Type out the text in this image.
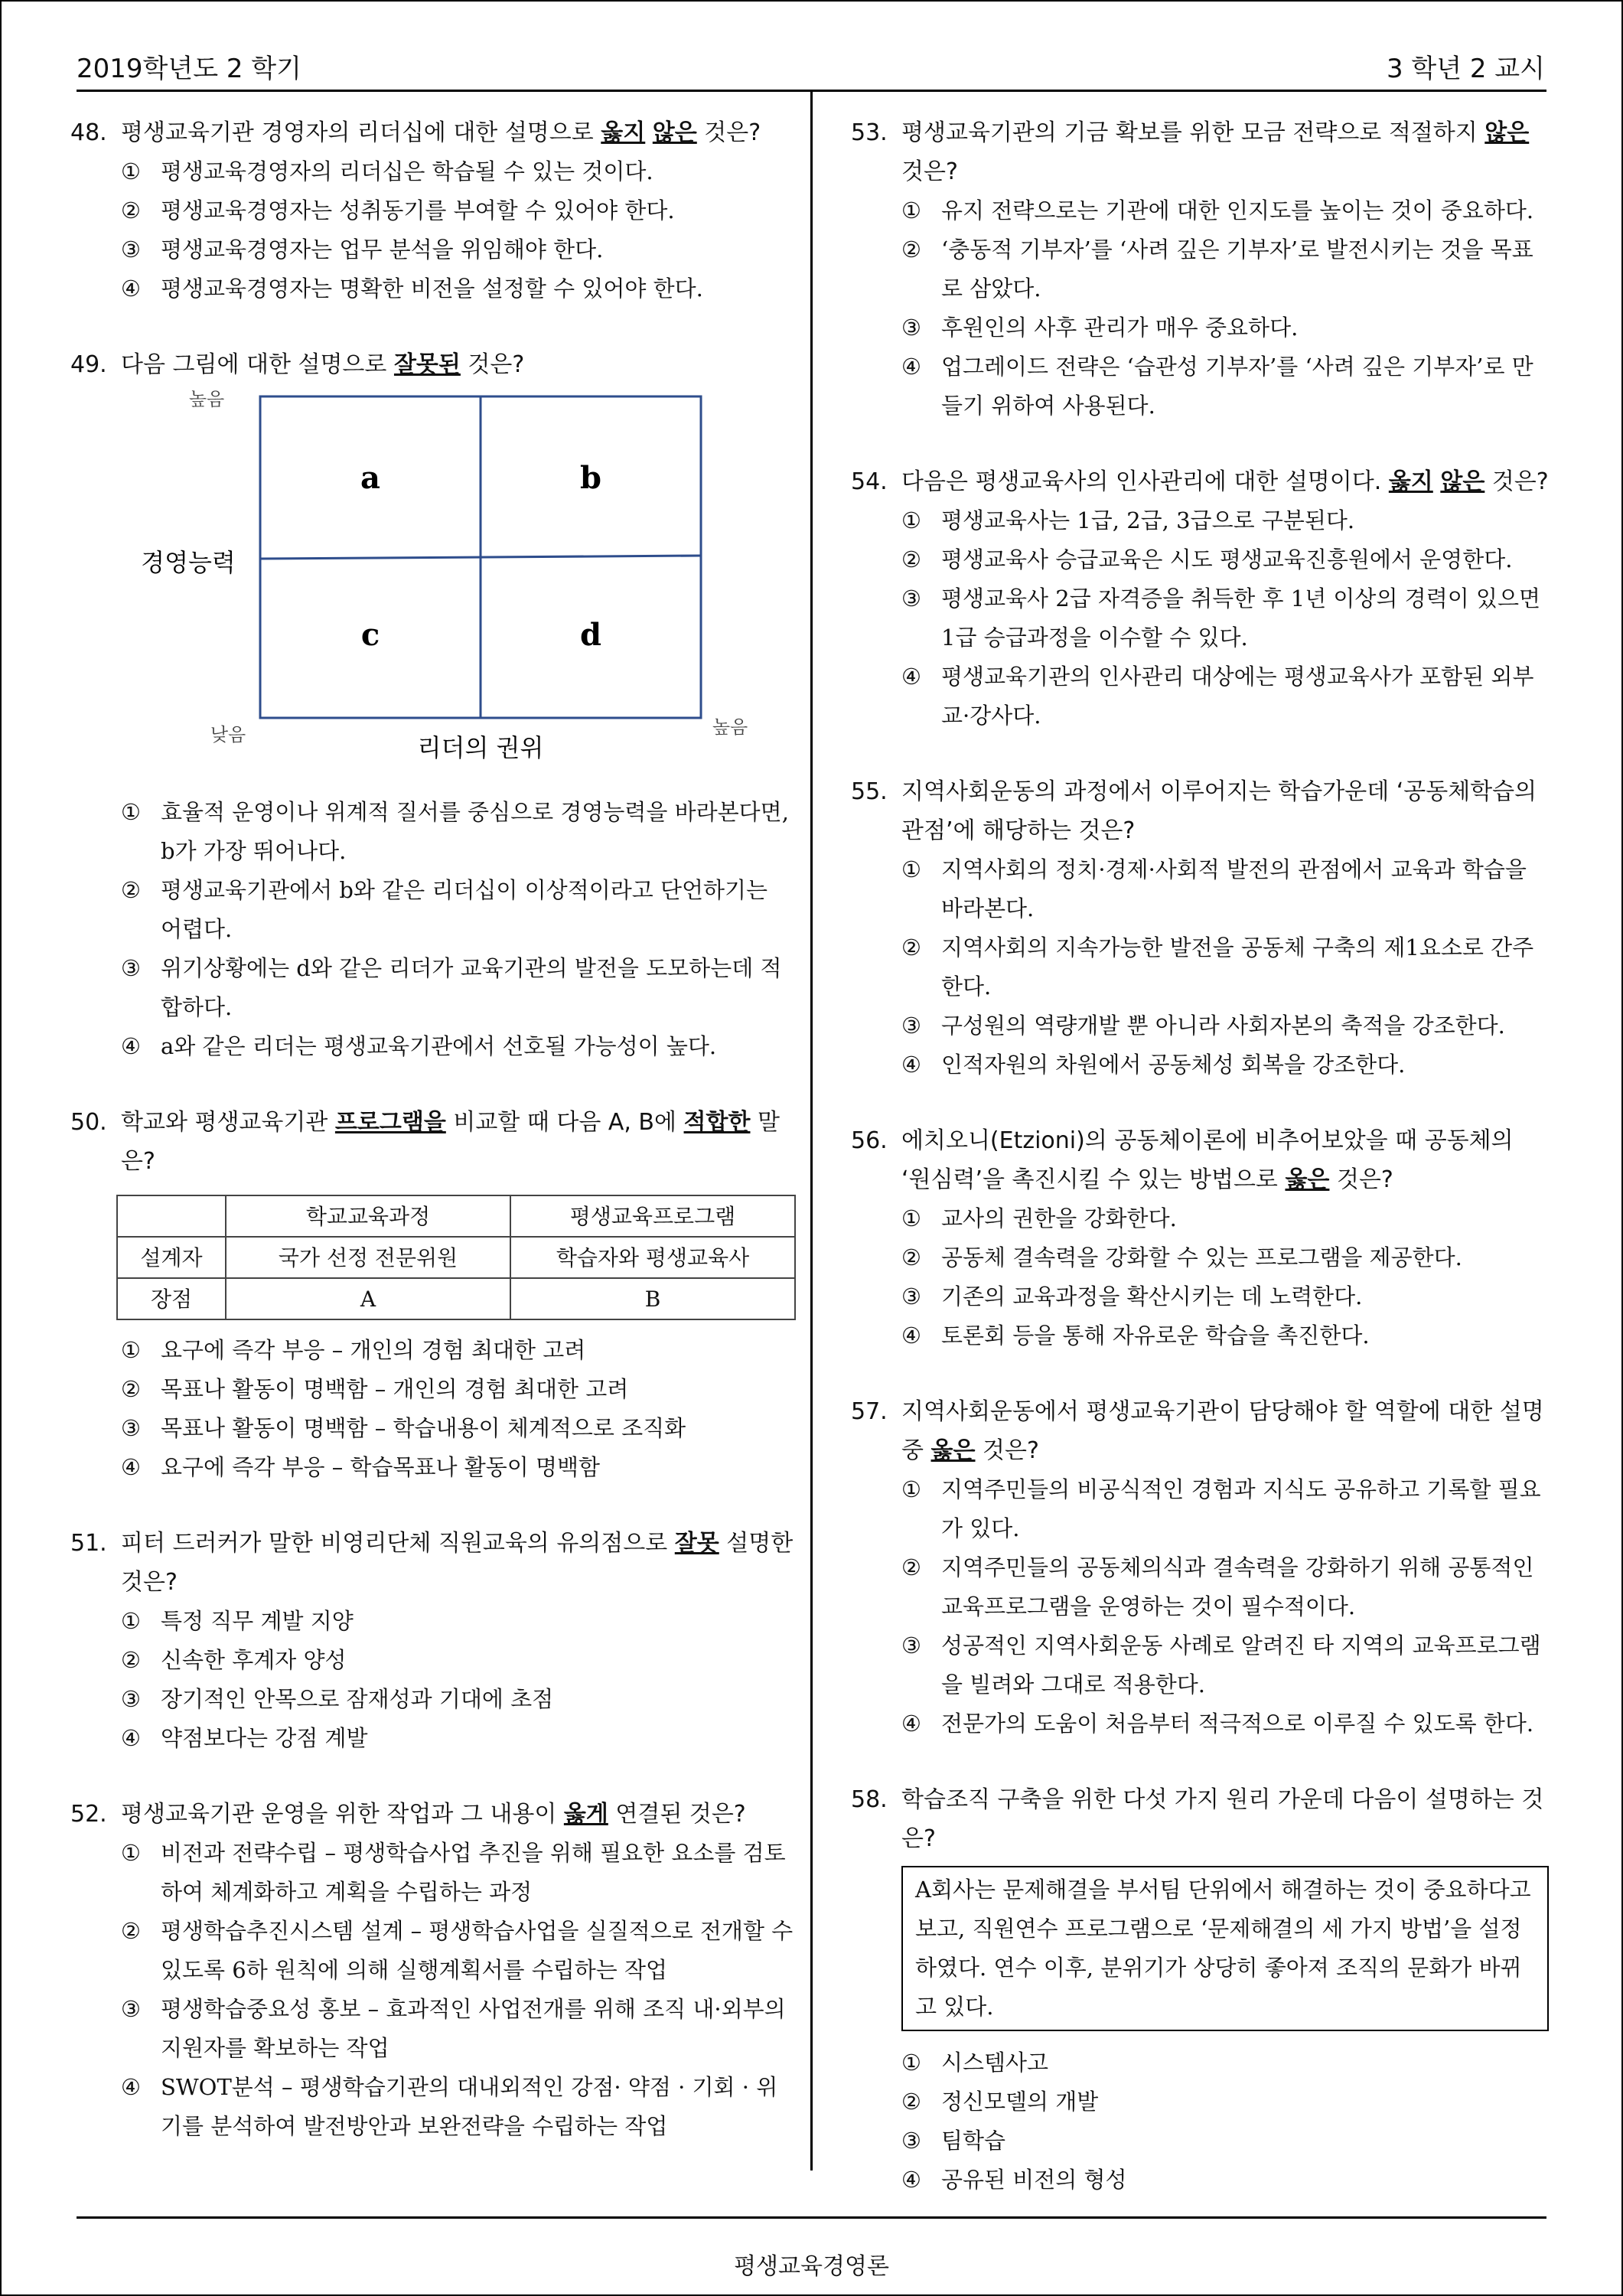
2019학년도 2 학기	3 학년 2 교시
평생교육경영론
48. 평생교육기관 경영자의 리더십에 대한 설명으로 옳지 않은 것은?
① 평생교육경영자의 리더십은 학습될 수 있는 것이다.
② 평생교육경영자는 성취동기를 부여할 수 있어야 한다.
③ 평생교육경영자는 업무 분석을 위임해야 한다.
④ 평생교육경영자는 명확한 비전을 설정할 수 있어야 한다.
49. 다음 그림에 대한 설명으로 잘못된 것은?
a	b
c	d
높음
경영능력
낮음	높음
리더의 권위
① 효율적 운영이나 위계적 질서를 중심으로 경영능력을 바라본다면, b가 가장 뛰어나다.
② 평생교육기관에서 b와 같은 리더십이 이상적이라고 단언하기는 어렵다.
③ 위기상황에는 d와 같은 리더가 교육기관의 발전을 도모하는데 적합하다.
④ a와 같은 리더는 평생교육기관에서 선호될 가능성이 높다.
50. 학교와 평생교육기관 프로그램을 비교할 때 다음 A, B에 적합한 말은?
	학교교육과정	평생교육프로그램
설계자	국가 선정 전문위원	학습자와 평생교육사
장점	A	B
① 요구에 즉각 부응 – 개인의 경험 최대한 고려
② 목표나 활동이 명백함 – 개인의 경험 최대한 고려
③ 목표나 활동이 명백함 – 학습내용이 체계적으로 조직화
④ 요구에 즉각 부응 – 학습목표나 활동이 명백함
51. 피터 드러커가 말한 비영리단체 직원교육의 유의점으로 잘못 설명한 것은?
① 특정 직무 계발 지양
② 신속한 후계자 양성
③ 장기적인 안목으로 잠재성과 기대에 초점
④ 약점보다는 강점 계발
52. 평생교육기관 운영을 위한 작업과 그 내용이 옳게 연결된 것은?
① 비전과 전략수립 – 평생학습사업 추진을 위해 필요한 요소를 검토하여 체계화하고 계획을 수립하는 과정
② 평생학습추진시스템 설계 – 평생학습사업을 실질적으로 전개할 수 있도록 6하 원칙에 의해 실행계획서를 수립하는 작업
③ 평생학습중요성 홍보 – 효과적인 사업전개를 위해 조직 내·외부의 지원자를 확보하는 작업
④ SWOT분석 – 평생학습기관의 대내외적인 강점· 약점 · 기회 · 위기를 분석하여 발전방안과 보완전략을 수립하는 작업
53. 평생교육기관의 기금 확보를 위한 모금 전략으로 적절하지 않은 것은?
① 유지 전략으로는 기관에 대한 인지도를 높이는 것이 중요하다.
② ‘충동적 기부자’를 ‘사려 깊은 기부자’로 발전시키는 것을 목표로 삼았다.
③ 후원인의 사후 관리가 매우 중요하다.
④ 업그레이드 전략은 ‘습관성 기부자’를 ‘사려 깊은 기부자’로 만들기 위하여 사용된다.
54. 다음은 평생교육사의 인사관리에 대한 설명이다. 옳지 않은 것은?
① 평생교육사는 1급, 2급, 3급으로 구분된다.
② 평생교육사 승급교육은 시도 평생교육진흥원에서 운영한다.
③ 평생교육사 2급 자격증을 취득한 후 1년 이상의 경력이 있으면 1급 승급과정을 이수할 수 있다.
④ 평생교육기관의 인사관리 대상에는 평생교육사가 포함된 외부 교·강사다.
55. 지역사회운동의 과정에서 이루어지는 학습가운데 ‘공동체학습의 관점’에 해당하는 것은?
① 지역사회의 정치·경제·사회적 발전의 관점에서 교육과 학습을 바라본다.
② 지역사회의 지속가능한 발전을 공동체 구축의 제1요소로 간주한다.
③ 구성원의 역량개발 뿐 아니라 사회자본의 축적을 강조한다.
④ 인적자원의 차원에서 공동체성 회복을 강조한다.
56. 에치오니(Etzioni)의 공동체이론에 비추어보았을 때 공동체의 ‘원심력’을 촉진시킬 수 있는 방법으로 옳은 것은?
① 교사의 권한을 강화한다.
② 공동체 결속력을 강화할 수 있는 프로그램을 제공한다.
③ 기존의 교육과정을 확산시키는 데 노력한다.
④ 토론회 등을 통해 자유로운 학습을 촉진한다.
57. 지역사회운동에서 평생교육기관이 담당해야 할 역할에 대한 설명 중 옳은 것은?
① 지역주민들의 비공식적인 경험과 지식도 공유하고 기록할 필요가 있다.
② 지역주민들의 공동체의식과 결속력을 강화하기 위해 공통적인 교육프로그램을 운영하는 것이 필수적이다.
③ 성공적인 지역사회운동 사례로 알려진 타 지역의 교육프로그램을 빌려와 그대로 적용한다.
④ 전문가의 도움이 처음부터 적극적으로 이루질 수 있도록 한다.
58. 학습조직 구축을 위한 다섯 가지 원리 가운데 다음이 설명하는 것은?
A회사는 문제해결을 부서팀 단위에서 해결하는 것이 중요하다고 보고, 직원연수 프로그램으로 ‘문제해결의 세 가지 방법’을 설정하였다. 연수 이후, 분위기가 상당히 좋아져 조직의 문화가 바뀌고 있다.
① 시스템사고
② 정신모델의 개발
③ 팀학습
④ 공유된 비전의 형성
